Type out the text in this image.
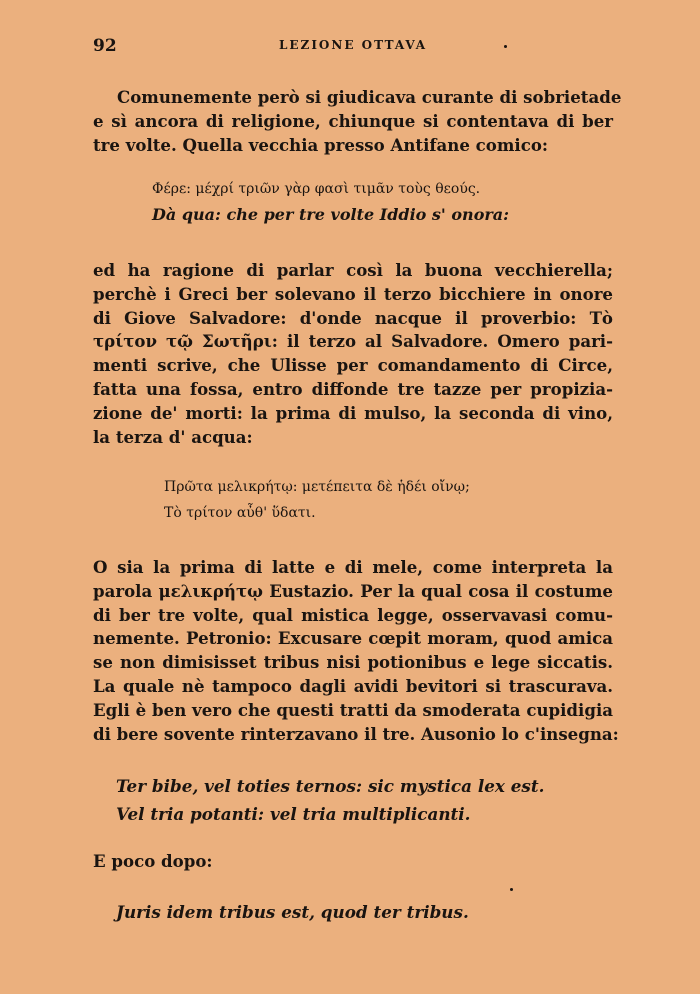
92	LEZIONE OTTAVA
Comunemente però si giudicava curante di sobrietade
e sì ancora di religione, chiunque si contentava di ber
tre volte. Quella vecchia presso Antifane comico:
Φέρε: μέχρί τριῶν γὰρ φασὶ τιμᾶν τοὺς θεούς.
Dà qua: che per tre volte Iddio s' onora:
ed ha ragione di parlar così la buona vecchierella;
perchè i Greci ber solevano il terzo bicchiere in onore
di Giove Salvadore: d'onde nacque il proverbio: Τὸ
τρίτον τῷ Σωτῆρι: il terzo al Salvadore. Omero pari-
menti scrive, che Ulisse per comandamento di Circe,
fatta una fossa, entro diffonde tre tazze per propizia-
zione de' morti: la prima di mulso, la seconda di vino,
la terza d' acqua:
Πρῶτα μελικρήτῳ: μετέπειτα δὲ ἡδέι οἴνῳ;
Τὸ τρίτον αὖθ' ὕδατι.
O sia la prima di latte e di mele, come interpreta la
parola μελικρήτῳ Eustazio. Per la qual cosa il costume
di ber tre volte, qual mistica legge, osservavasi comu-
nemente. Petronio: Excusare cœpit moram, quod amica
se non dimisisset tribus nisi potionibus e lege siccatis.
La quale nè tampoco dagli avidi bevitori si trascurava.
Egli è ben vero che questi tratti da smoderata cupidigia
di bere sovente rinterzavano il tre. Ausonio lo c'insegna:
Ter bibe, vel toties ternos: sic mystica lex est.
Vel tria potanti: vel tria multiplicanti.
E poco dopo:
Juris idem tribus est, quod ter tribus.
